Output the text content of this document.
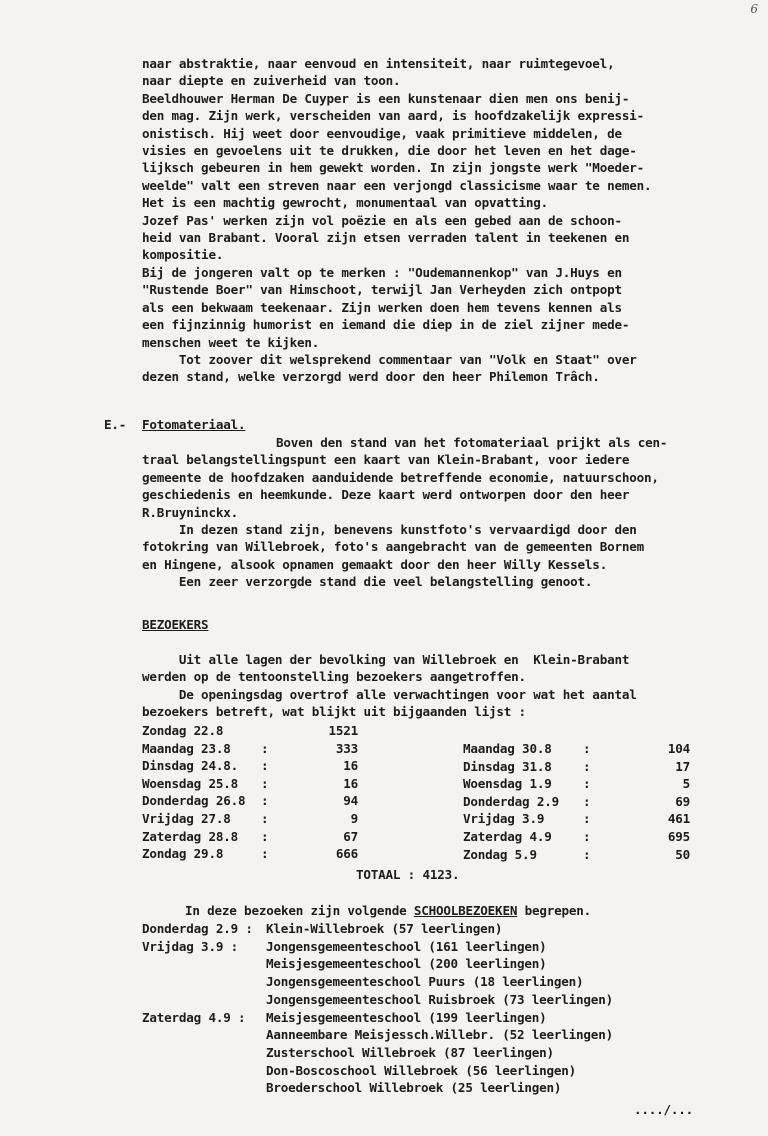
6
naar abstraktie, naar eenvoud en intensiteit, naar ruimtegevoel,
naar diepte en zuiverheid van toon.
Beeldhouwer Herman De Cuyper is een kunstenaar dien men ons benij-
den mag. Zijn werk, verscheiden van aard, is hoofdzakelijk expressi-
onistisch. Hij weet door eenvoudige, vaak primitieve middelen, de
visies en gevoelens uit te drukken, die door het leven en het dage-
lijksch gebeuren in hem gewekt worden. In zijn jongste werk "Moeder-
weelde" valt een streven naar een verjongd classicisme waar te nemen.
Het is een machtig gewrocht, monumentaal van opvatting.
Jozef Pas' werken zijn vol poëzie en als een gebed aan de schoon-
heid van Brabant. Vooral zijn etsen verraden talent in teekenen en
kompositie.
Bij de jongeren valt op te merken : "Oudemannenkop" van J.Huys en
"Rustende Boer" van Himschoot, terwijl Jan Verheyden zich ontpopt
als een bekwaam teekenaar. Zijn werken doen hem tevens kennen als
een fijnzinnig humorist en iemand die diep in de ziel zijner mede-
menschen weet te kijken.
Tot zoover dit welsprekend commentaar van "Volk en Staat" over
dezen stand, welke verzorgd werd door den heer Philemon Trâch.
E.- Fotomateriaal.
Boven den stand van het fotomateriaal prijkt als cen-
traal belangstellingspunt een kaart van Klein-Brabant, voor iedere
gemeente de hoofdzaken aanduidende betreffende economie, natuurschoon,
geschiedenis en heemkunde. Deze kaart werd ontworpen door den heer
R.Bruyninckx.
In dezen stand zijn, benevens kunstfoto's vervaardigd door den
fotokring van Willebroek, foto's aangebracht van de gemeenten Bornem
en Hingene, alsook opnamen gemaakt door den heer Willy Kessels.
Een zeer verzorgde stand die veel belangstelling genoot.
BEZOEKERS
Uit alle lagen der bevolking van Willebroek en  Klein-Brabant
werden op de tentoonstelling bezoekers aangetroffen.
De openingsdag overtrof alle verwachtingen voor wat het aantal
bezoekers betreft, wat blijkt uit bijgaanden lijst :
Zondag 22.8	1521
Maandag 23.8 :	333
Dinsdag 24.8. :	16
Woensdag 25.8 :	16
Donderdag 26.8 :	94
Vrijdag 27.8 :	9
Zaterdag 28.8 :	67
Zondag 29.8	:	666
Maandag 30.8 :	104
Dinsdag 31.8 :	17
Woensdag 1.9 :	5
Donderdag 2.9 :	69
Vrijdag 3.9	:	461
Zaterdag 4.9 :	695
Zondag 5.9	:	50
TOTAAL : 4123.
In deze bezoeken zijn volgende SCHOOLBEZOEKEN begrepen.
Donderdag 2.9 : Klein-Willebroek (57 leerlingen)
Vrijdag 3.9 : Jongensgemeenteschool (161 leerlingen)
Meisjesgemeenteschool (200 leerlingen)
Jongensgemeenteschool Puurs (18 leerlingen)
Jongensgemeenteschool Ruisbroek (73 leerlingen)
Zaterdag 4.9 : Meisjesgemeenteschool (199 leerlingen)
Aanneembare Meisjessch.Willebr. (52 leerlingen)
Zusterschool Willebroek (87 leerlingen)
Don-Boscoschool Willebroek (56 leerlingen)
Broederschool Willebroek (25 leerlingen)
..../...
